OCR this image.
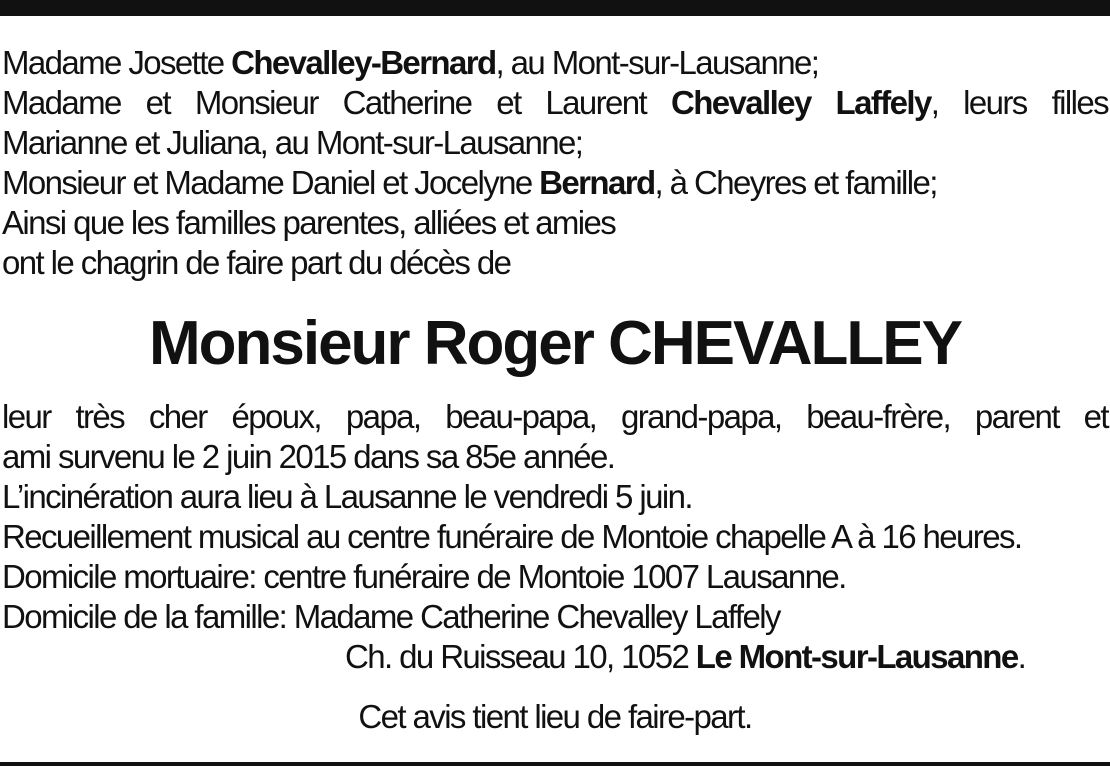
Madame Josette Chevalley-Bernard, au Mont-sur-Lausanne;
Madame et Monsieur Catherine et Laurent Chevalley Laffely, leurs filles
Marianne et Juliana, au Mont-sur-Lausanne;
Monsieur et Madame Daniel et Jocelyne Bernard, à Cheyres et famille;
Ainsi que les familles parentes, alliées et amies
ont le chagrin de faire part du décès de
Monsieur Roger CHEVALLEY
leur très cher époux, papa, beau-papa, grand-papa, beau-frère, parent et
ami survenu le 2 juin 2015 dans sa 85e année.
L’incinération aura lieu à Lausanne le vendredi 5 juin.
Recueillement musical au centre funéraire de Montoie chapelle A à 16 heures.
Domicile mortuaire: centre funéraire de Montoie 1007 Lausanne.
Domicile de la famille: Madame Catherine Chevalley Laffely
Ch. du Ruisseau 10, 1052 Le Mont-sur-Lausanne.
Cet avis tient lieu de faire-part.
